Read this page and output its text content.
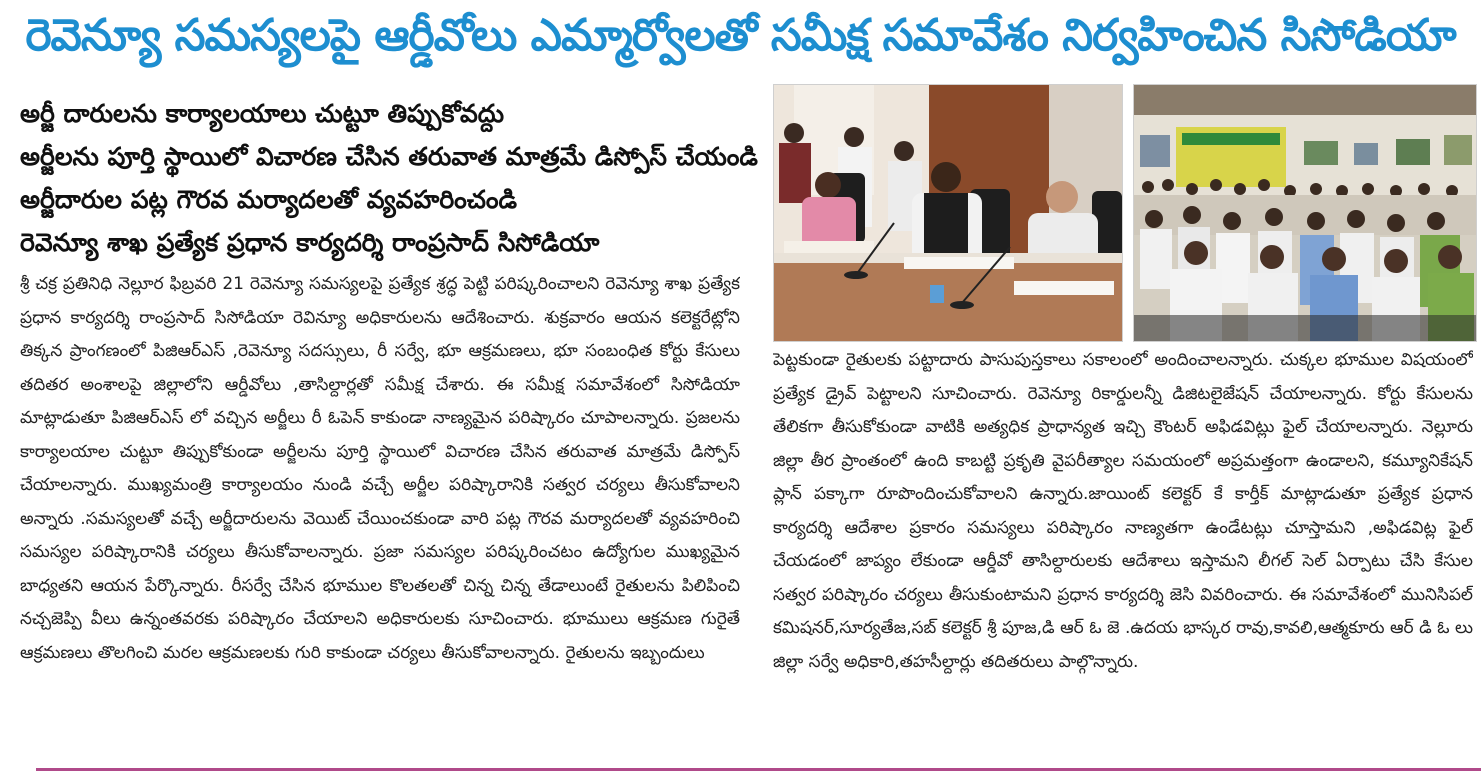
రెవెన్యూ సమస్యలపై ఆర్డీవోలు ఎమ్మార్వోలతో సమీక్ష సమావేశం నిర్వహించిన సిసోడియా
అర్జీ దారులను కార్యాలయాలు చుట్టూ తిప్పుకోవద్దు
అర్జీలను పూర్తి స్థాయిలో విచారణ చేసిన తరువాత మాత్రమే డిస్పోస్ చేయండి
అర్జీదారుల పట్ల గౌరవ మర్యాదలతో వ్యవహరించండి
రెవెన్యూ శాఖ ప్రత్యేక ప్రధాన కార్యదర్శి రాంప్రసాద్ సిసోడియా

శ్రీ చక్ర ప్రతినిధి నెల్లూర ఫిబ్రవరి 21 రెవెన్యూ సమస్యలపై ప్రత్యేక శ్రద్ధ పెట్టి పరిష్కరించాలని రెవెన్యూ శాఖ ప్రత్యేక ప్రధాన కార్యదర్శి రాంప్రసాద్ సిసోడియా రెవిన్యూ అధికారులను ఆదేశించారు. శుక్రవారం ఆయన కలెక్టరేట్లోని తిక్కన ప్రాంగణంలో పిజిఆర్ఎస్ ,రెవెన్యూ సదస్సులు, రీ సర్వే, భూ ఆక్రమణలు, భూ సంబంధిత కోర్టు కేసులు తదితర అంశాలపై జిల్లాలోని ఆర్డీవోలు ,తాసిల్దార్లతో సమీక్ష చేశారు. ఈ సమీక్ష సమావేశంలో సిసోడియా మాట్లాడుతూ పిజిఆర్ఎస్ లో వచ్చిన అర్జీలు రీ ఓపెన్ కాకుండా నాణ్యమైన పరిష్కారం చూపాలన్నారు. ప్రజలను కార్యాలయాల చుట్టూ తిప్పుకోకుండా అర్జీలను పూర్తి స్థాయిలో విచారణ చేసిన తరువాత మాత్రమే డిస్పోస్ చేయాలన్నారు. ముఖ్యమంత్రి కార్యాలయం నుండి వచ్చే అర్జీల పరిష్కారానికి సత్వర చర్యలు తీసుకోవాలని అన్నారు .సమస్యలతో వచ్చే అర్జీదారులను వెయిట్ చేయించకుండా వారి పట్ల గౌరవ మర్యాదలతో వ్యవహరించి సమస్యల పరిష్కారానికి చర్యలు తీసుకోవాలన్నారు. ప్రజా సమస్యల పరిష్కరించటం ఉద్యోగుల ముఖ్యమైన బాధ్యతని ఆయన పేర్కొన్నారు. రీసర్వే చేసిన భూముల కొలతలతో చిన్న చిన్న తేడాలుంటే రైతులను పిలిపించి నచ్చజెప్పి వీలు ఉన్నంతవరకు పరిష్కారం చేయాలని అధికారులకు సూచించారు. భూములు ఆక్రమణ గురైతే ఆక్రమణలు తొలగించి మరల ఆక్రమణలకు గురి కాకుండా చర్యలు తీసుకోవాలన్నారు. రైతులను ఇబ్బందులు

పెట్టకుండా రైతులకు పట్టాదారు పాసుపుస్తకాలు సకాలంలో అందించాలన్నారు. చుక్కల భూముల విషయంలో ప్రత్యేక డ్రైవ్ పెట్టాలని సూచించారు. రెవెన్యూ రికార్డులన్నీ డిజిటలైజేషన్ చేయాలన్నారు. కోర్టు కేసులను తేలికగా తీసుకోకుండా వాటికి అత్యధిక ప్రాధాన్యత ఇచ్చి కౌంటర్ అఫిడవిట్లు ఫైల్ చేయాలన్నారు. నెల్లూరు జిల్లా తీర ప్రాంతంలో ఉంది కాబట్టి ప్రకృతి వైపరీత్యాల సమయంలో అప్రమత్తంగా ఉండాలని, కమ్యూనికేషన్ ప్లాన్ పక్కాగా రూపొందించుకోవాలని ఉన్నారు.జాయింట్ కలెక్టర్ కే కార్తీక్ మాట్లాడుతూ ప్రత్యేక ప్రధాన కార్యదర్శి ఆదేశాల ప్రకారం సమస్యలు పరిష్కారం నాణ్యతగా ఉండేటట్లు చూస్తామని ,అఫిడవిట్ల ఫైల్ చేయడంలో జాప్యం లేకుండా ఆర్డీవో తాసిల్దారులకు ఆదేశాలు ఇస్తామని లీగల్ సెల్ ఏర్పాటు చేసి కేసుల సత్వర పరిష్కారం చర్యలు తీసుకుంటామని ప్రధాన కార్యదర్శి జెసి వివరించారు. ఈ సమావేశంలో మునిసిపల్ కమిషనర్,సూర్యతేజ,సబ్ కలెక్టర్ శ్రీ పూజ,డి ఆర్ ఓ జె .ఉదయ భాస్కర రావు,కావలి,ఆత్మకూరు ఆర్ డి ఓ లు జిల్లా సర్వే అధికారి,తహసీల్దార్లు తదితరులు పాల్గొన్నారు.
